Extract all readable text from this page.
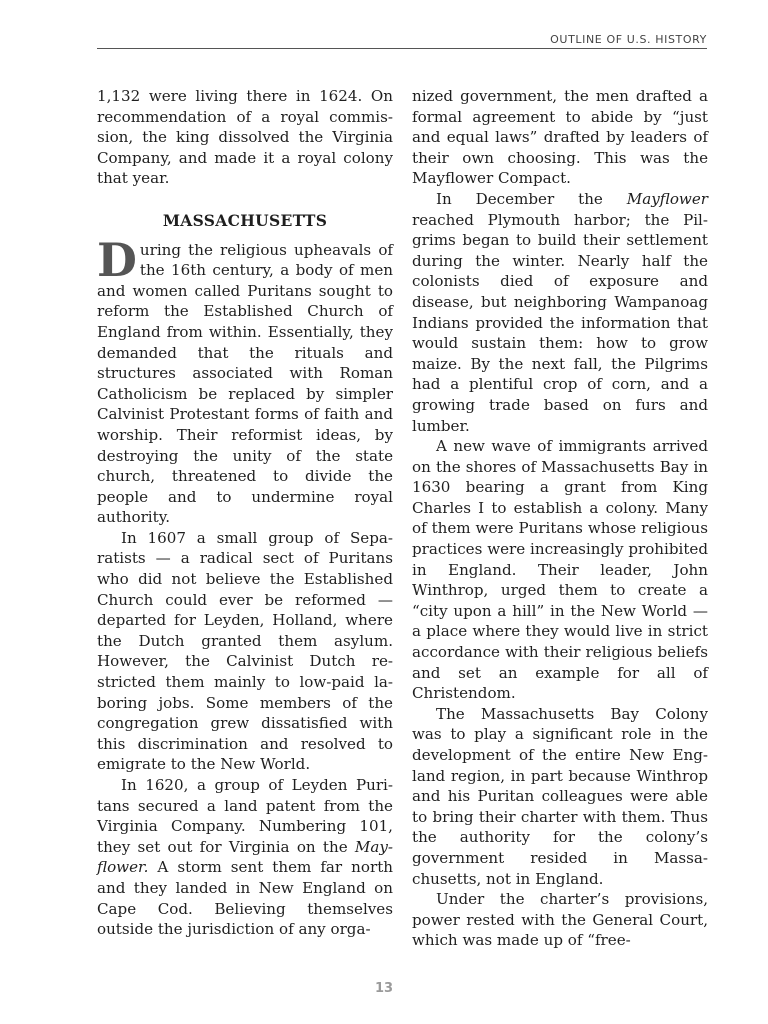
OUTLINE OF U.S. HISTORY

1,132 were living there in 1624. On recommendation of a royal commission, the king dissolved the Virginia Company, and made it a royal colony that year.

MASSACHUSETTS

During the religious upheavals of the 16th century, a body of men and women called Puritans sought to reform the Established Church of England from within. Essentially, they demanded that the rituals and structures associated with Roman Catholicism be replaced by simpler Calvinist Protestant forms of faith and worship. Their reformist ideas, by destroying the unity of the state church, threatened to divide the people and to undermine royal authority.

In 1607 a small group of Separatists — a radical sect of Puritans who did not believe the Established Church could ever be reformed — departed for Leyden, Holland, where the Dutch granted them asylum. However, the Calvinist Dutch restricted them mainly to low-paid laboring jobs. Some members of the congregation grew dissatisfied with this discrimination and resolved to emigrate to the New World.

In 1620, a group of Leyden Puritans secured a land patent from the Virginia Company. Numbering 101, they set out for Virginia on the Mayflower. A storm sent them far north and they landed in New England on Cape Cod. Believing themselves outside the jurisdiction of any orga-

nized government, the men drafted a formal agreement to abide by “just and equal laws” drafted by leaders of their own choosing. This was the Mayflower Compact.

In December the Mayflower reached Plymouth harbor; the Pilgrims began to build their settlement during the winter. Nearly half the colonists died of exposure and disease, but neighboring Wampanoag Indians provided the information that would sustain them: how to grow maize. By the next fall, the Pilgrims had a plentiful crop of corn, and a growing trade based on furs and lumber.

A new wave of immigrants arrived on the shores of Massachusetts Bay in 1630 bearing a grant from King Charles I to establish a colony. Many of them were Puritans whose religious practices were increasingly prohibited in England. Their leader, John Winthrop, urged them to create a “city upon a hill” in the New World — a place where they would live in strict accordance with their religious beliefs and set an example for all of Christendom.

The Massachusetts Bay Colony was to play a significant role in the development of the entire New England region, in part because Winthrop and his Puritan colleagues were able to bring their charter with them. Thus the authority for the colony’s government resided in Massachusetts, not in England.

Under the charter’s provisions, power rested with the General Court, which was made up of “free-

13
